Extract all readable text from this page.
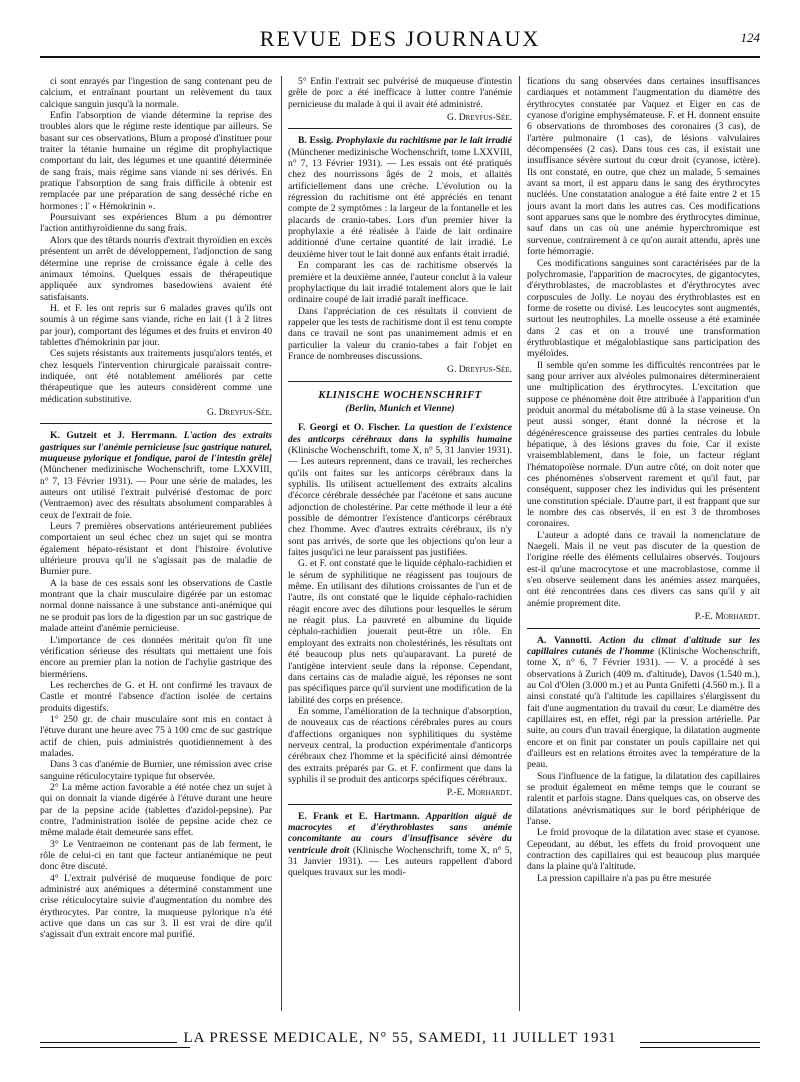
REVUE DES JOURNAUX	124

ci sont enrayés par l'ingestion de sang contenant peu de calcium, et entraînant pourtant un relèvement du taux calcique sanguin jusqu'à la normale.

Enfin l'absorption de viande détermine la reprise des troubles alors que le régime reste identique par ailleurs. Se basant sur ces observations, Blum a proposé d'instituer pour traiter la tétanie humaine un régime dit prophylactique comportant du lait, des légumes et une quantité déterminée de sang frais, mais régime sans viande ni ses dérivés. En pratique l'absorption de sang frais difficile à obtenir est remplacée par une préparation de sang desséché riche en hormones : l' « Hémokrinin ».

Poursuivant ses expériences Blum a pu démontrer l'action antithyroïdienne du sang frais.

Alors que des têtards nourris d'extrait thyroïdien en excès présentent un arrêt de développement, l'adjonction de sang détermine une reprise de croissance égale à celle des animaux témoins. Quelques essais de thérapeutique appliquée aux syndromes basedowiens avaient été satisfaisants.

H. et F. les ont repris sur 6 malades graves qu'ils ont soumis à un régime sans viande, riche en lait (1 à 2 litres par jour), comportant des légumes et des fruits et environ 40 tablettes d'hémokrinin par jour.

Ces sujets résistants aux traitements jusqu'alors tentés, et chez lesquels l'intervention chirurgicale paraissait contre-indiquée, ont été notablement améliorés par cette thérapeutique que les auteurs considèrent comme une médication substitutive.

G. Dreyfus-Sée.

K. Gutzeit et J. Herrmann. L'action des extraits gastriques sur l'anémie pernicieuse [suc gastrique naturel, muqueuse pylorique et fondique, paroi de l'intestin grêle] (Münchener medizinische Wochenschrift, tome LXXVIII, n° 7, 13 Février 1931). — Pour une série de malades, les auteurs ont utilisé l'extrait pulvérisé d'estomac de porc (Ventraemon) avec des résultats absolument comparables à ceux de l'extrait de foie.

Leurs 7 premières observations antérieurement publiées comportaient un seul échec chez un sujet qui se montra également hépato-résistant et dont l'histoire évolutive ultérieure prouva qu'il ne s'agissait pas de maladie de Burnier pure.

A la base de ces essais sont les observations de Castle montrant que la chair musculaire digérée par un estomac normal donne naissance à une substance anti-anémique qui ne se produit pas lors de la digestion par un suc gastrique de malade atteint d'anémie pernicieuse.

L'importance de ces données méritait qu'on fît une vérification sérieuse des résultats qui mettaient une fois encore au premier plan la notion de l'achylie gastrique des biermériens.

Les recherches de G. et H. ont confirmé les travaux de Castle et montré l'absence d'action isolée de certains produits digestifs.

1° 250 gr. de chair musculaire sont mis en contact à l'étuve durant une heure avec 75 à 100 cmc de suc gastrique actif de chien, puis administrés quotidiennement à des malades.

Dans 3 cas d'anémie de Burnier, une rémission avec crise sanguine réticulocytaire typique fut observée.

2° La même action favorable a été notée chez un sujet à qui on donnait la viande digérée à l'étuve durant une heure par de la pepsine acide (tablettes d'azidol-pepsine). Par contre, l'administration isolée de pepsine acide chez ce même malade était demeurée sans effet.

3° Le Ventraemon ne contenant pas de lab ferment, le rôle de celui-ci en tant que facteur antianémique ne peut donc être discuté.

4° L'extrait pulvérisé de muqueuse fondique de porc administré aux anémiques a déterminé constamment une crise réticulocytaire suivie d'augmentation du nombre des érythrocytes. Par contre, la muqueuse pylorique n'a été active que dans un cas sur 3. Il est vrai de dire qu'il s'agissait d'un extrait encore mal purifié.

5° Enfin l'extrait sec pulvérisé de muqueuse d'intestin grêle de porc a été inefficace à lutter contre l'anémie pernicieuse du malade à qui il avait été administré.

G. Dreyfus-Sée.

B. Essig. Prophylaxie du rachitisme par le lait irradié (Münchener medizinische Wochenschrift, tome LXXVIII, n° 7, 13 Février 1931). — Les essais ont été pratiqués chez des nourrissons âgés de 2 mois, et allaités artificiellement dans une crèche. L'évolution ou la régression du rachitisme ont été appréciés en tenant compte de 2 symptômes : la largeur de la fontanelle et les placards de cranio-tabes. Lors d'un premier hiver la prophylaxie a été réalisée à l'aide de lait ordinaire additionné d'une certaine quantité de lait irradié. Le deuxième hiver tout le lait donné aux enfants était irradié.

En comparant les cas de rachitisme observés la première et la deuxième année, l'auteur conclut à la valeur prophylactique du lait irradié totalement alors que le lait ordinaire coupé de lait irradié paraît inefficace.

Dans l'appréciation de ces résultats il convient de rappeler que les tests de rachitisme dont il est tenu compte dans ce travail ne sont pas unanimement admis et en particulier la valeur du cranio-tabes a fait l'objet en France de nombreuses discussions.

G. Dreyfus-Sée.

KLINISCHE WOCHENSCHRIFT
(Berlin, Munich et Vienne)

F. Georgi et O. Fischer. La question de l'existence des anticorps cérébraux dans la syphilis humaine (Klinische Wochenschrift, tome X, n° 5, 31 Janvier 1931). — Les auteurs reprennent, dans ce travail, les recherches qu'ils ont faites sur les anticorps cérébraux dans la syphilis. Ils utilisent actuellement des extraits alcalins d'écorce cérébrale desséchée par l'acétone et sans aucune adjonction de cholestérine. Par cette méthode il leur a été possible de démontrer l'existence d'anticorps cérébraux chez l'homme. Avec d'autres extraits cérébraux, ils n'y sont pas arrivés, de sorte que les objections qu'on leur a faites jusqu'ici ne leur paraissent pas justifiées.

G. et F. ont constaté que le liquide céphalo-rachidien et le sérum de syphilitique ne réagissent pas toujours de même. En utilisant des dilutions croissantes de l'un et de l'autre, ils ont constaté que le liquide céphalo-rachidien réagit encore avec des dilutions pour lesquelles le sérum ne réagit plus. La pauvreté en albumine du liquide céphalo-rachidien jouerait peut-être un rôle. En employant des extraits non cholestérinés, les résultats ont été beaucoup plus nets qu'auparavant. La pureté de l'antigène intervient seule dans la réponse. Cependant, dans certains cas de maladie aiguë, les réponses ne sont pas spécifiques parce qu'il survient une modification de la labilité des corps en présence.

En somme, l'amélioration de la technique d'absorption, de nouveaux cas de réactions cérébrales pures au cours d'affections organiques non syphilitiques du système nerveux central, la production expérimentale d'anticorps cérébraux chez l'homme et la spécificité ainsi démontrée des extraits préparés par G. et F. confirment que dans la syphilis il se produit des anticorps spécifiques cérébraux.

P.-E. Morhardt.

E. Frank et E. Hartmann. Apparition aiguë de macrocytes et d'érythroblastes sans anémie concomitante au cours d'insuffisance sévère du ventricule droit (Klinische Wochenschrift, tome X, n° 5, 31 Janvier 1931). — Les auteurs rappellent d'abord quelques travaux sur les modi-

fications du sang observées dans certaines insuffisances cardiaques et notamment l'augmentation du diamètre des érythrocytes constatée par Vaquez et Eiger en cas de cyanose d'origine emphysémateuse. F. et H. donnent ensuite 6 observations de thromboses des coronaires (3 cas), de l'artère pulmonaire (1 cas), de lésions valvulaires décompensées (2 cas). Dans tous ces cas, il existait une insuffisance sévère surtout du cœur droit (cyanose, ictère). Ils ont constaté, en outre, que chez un malade, 5 semaines avant sa mort, il est apparu dans le sang des érythrocytes nucléés. Une constatation analogue a été faite entre 2 et 15 jours avant la mort dans les autres cas. Ces modifications sont apparues sans que le nombre des érythrocytes diminue, sauf dans un cas où une anémie hyperchromique est survenue, contrairement à ce qu'on aurait attendu, après une forte hémorragie.

Ces modifications sanguines sont caractérisées par de la polychromasie, l'apparition de macrocytes, de gigantocytes, d'érythroblastes, de macroblastes et d'érythrocytes avec corpuscules de Jolly. Le noyau des érythroblastes est en forme de rosette ou divisé. Les leucocytes sont augmentés, surtout les neutrophiles. La moelle osseuse a été examinée dans 2 cas et on a trouvé une transformation érythroblastique et mégaloblastique sans participation des myéloïdes.

Il semble qu'en somme les difficultés rencontrées par le sang pour arriver aux alvéoles pulmonaires détermineraient une multiplication des érythrocytes. L'excitation que suppose ce phénomène doit être attribuée à l'apparition d'un produit anormal du métabolisme dû à la stase veineuse. On peut aussi songer, étant donné la nécrose et la dégénérescence graisseuse des parties centrales du lobule hépatique, à des lésions graves du foie. Car il existe vraisemblablement, dans le foie, un facteur réglant l'hématopoïèse normale. D'un autre côté, on doit noter que ces phénomènes s'observent rarement et qu'il faut, par conséquent, supposer chez les individus qui les présentent une constitution spéciale. D'autre part, il est frappant que sur le nombre des cas observés, il en est 3 de thromboses coronaires.

L'auteur a adopté dans ce travail la nomenclature de Naegeli. Mais il ne veut pas discuter de la question de l'origine réelle des éléments cellulaires observés. Toujours est-il qu'une macrocytose et une macroblastose, comme il s'en observe seulement dans les anémies assez marquées, ont été rencontrées dans ces divers cas sans qu'il y ait anémie proprement dite.

P.-E. Morhardt.

A. Vannotti. Action du climat d'altitude sur les capillaires cutanés de l'homme (Klinische Wochenschrift, tome X, n° 6, 7 Février 1931). — V. a procédé à ses observations à Zurich (409 m. d'altitude), Davos (1.540 m.), au Col d'Olen (3.000 m.) et au Punta Gnifetti (4.560 m.). Il a ainsi constaté qu'à l'altitude les capillaires s'élargissent du fait d'une augmentation du travail du cœur. Le diamètre des capillaires est, en effet, régi par la pression artérielle. Par suite, au cours d'un travail énergique, la dilatation augmente encore et on finit par constater un pouls capillaire net qui d'ailleurs est en relations étroites avec la température de la peau.

Sous l'influence de la fatigue, la dilatation des capillaires se produit également en même temps que le courant se ralentit et parfois stagne. Dans quelques cas, on observe des dilatations anévrismatiques sur le bord périphérique de l'anse.

Le froid provoque de la dilatation avec stase et cyanose. Cependant, au début, les effets du froid provoquent une contraction des capillaires qui est beaucoup plus marquée dans la plaine qu'à l'altitude.

La pression capillaire n'a pas pu être mesurée

LA PRESSE MEDICALE, N° 55, SAMEDI, 11 JUILLET 1931
